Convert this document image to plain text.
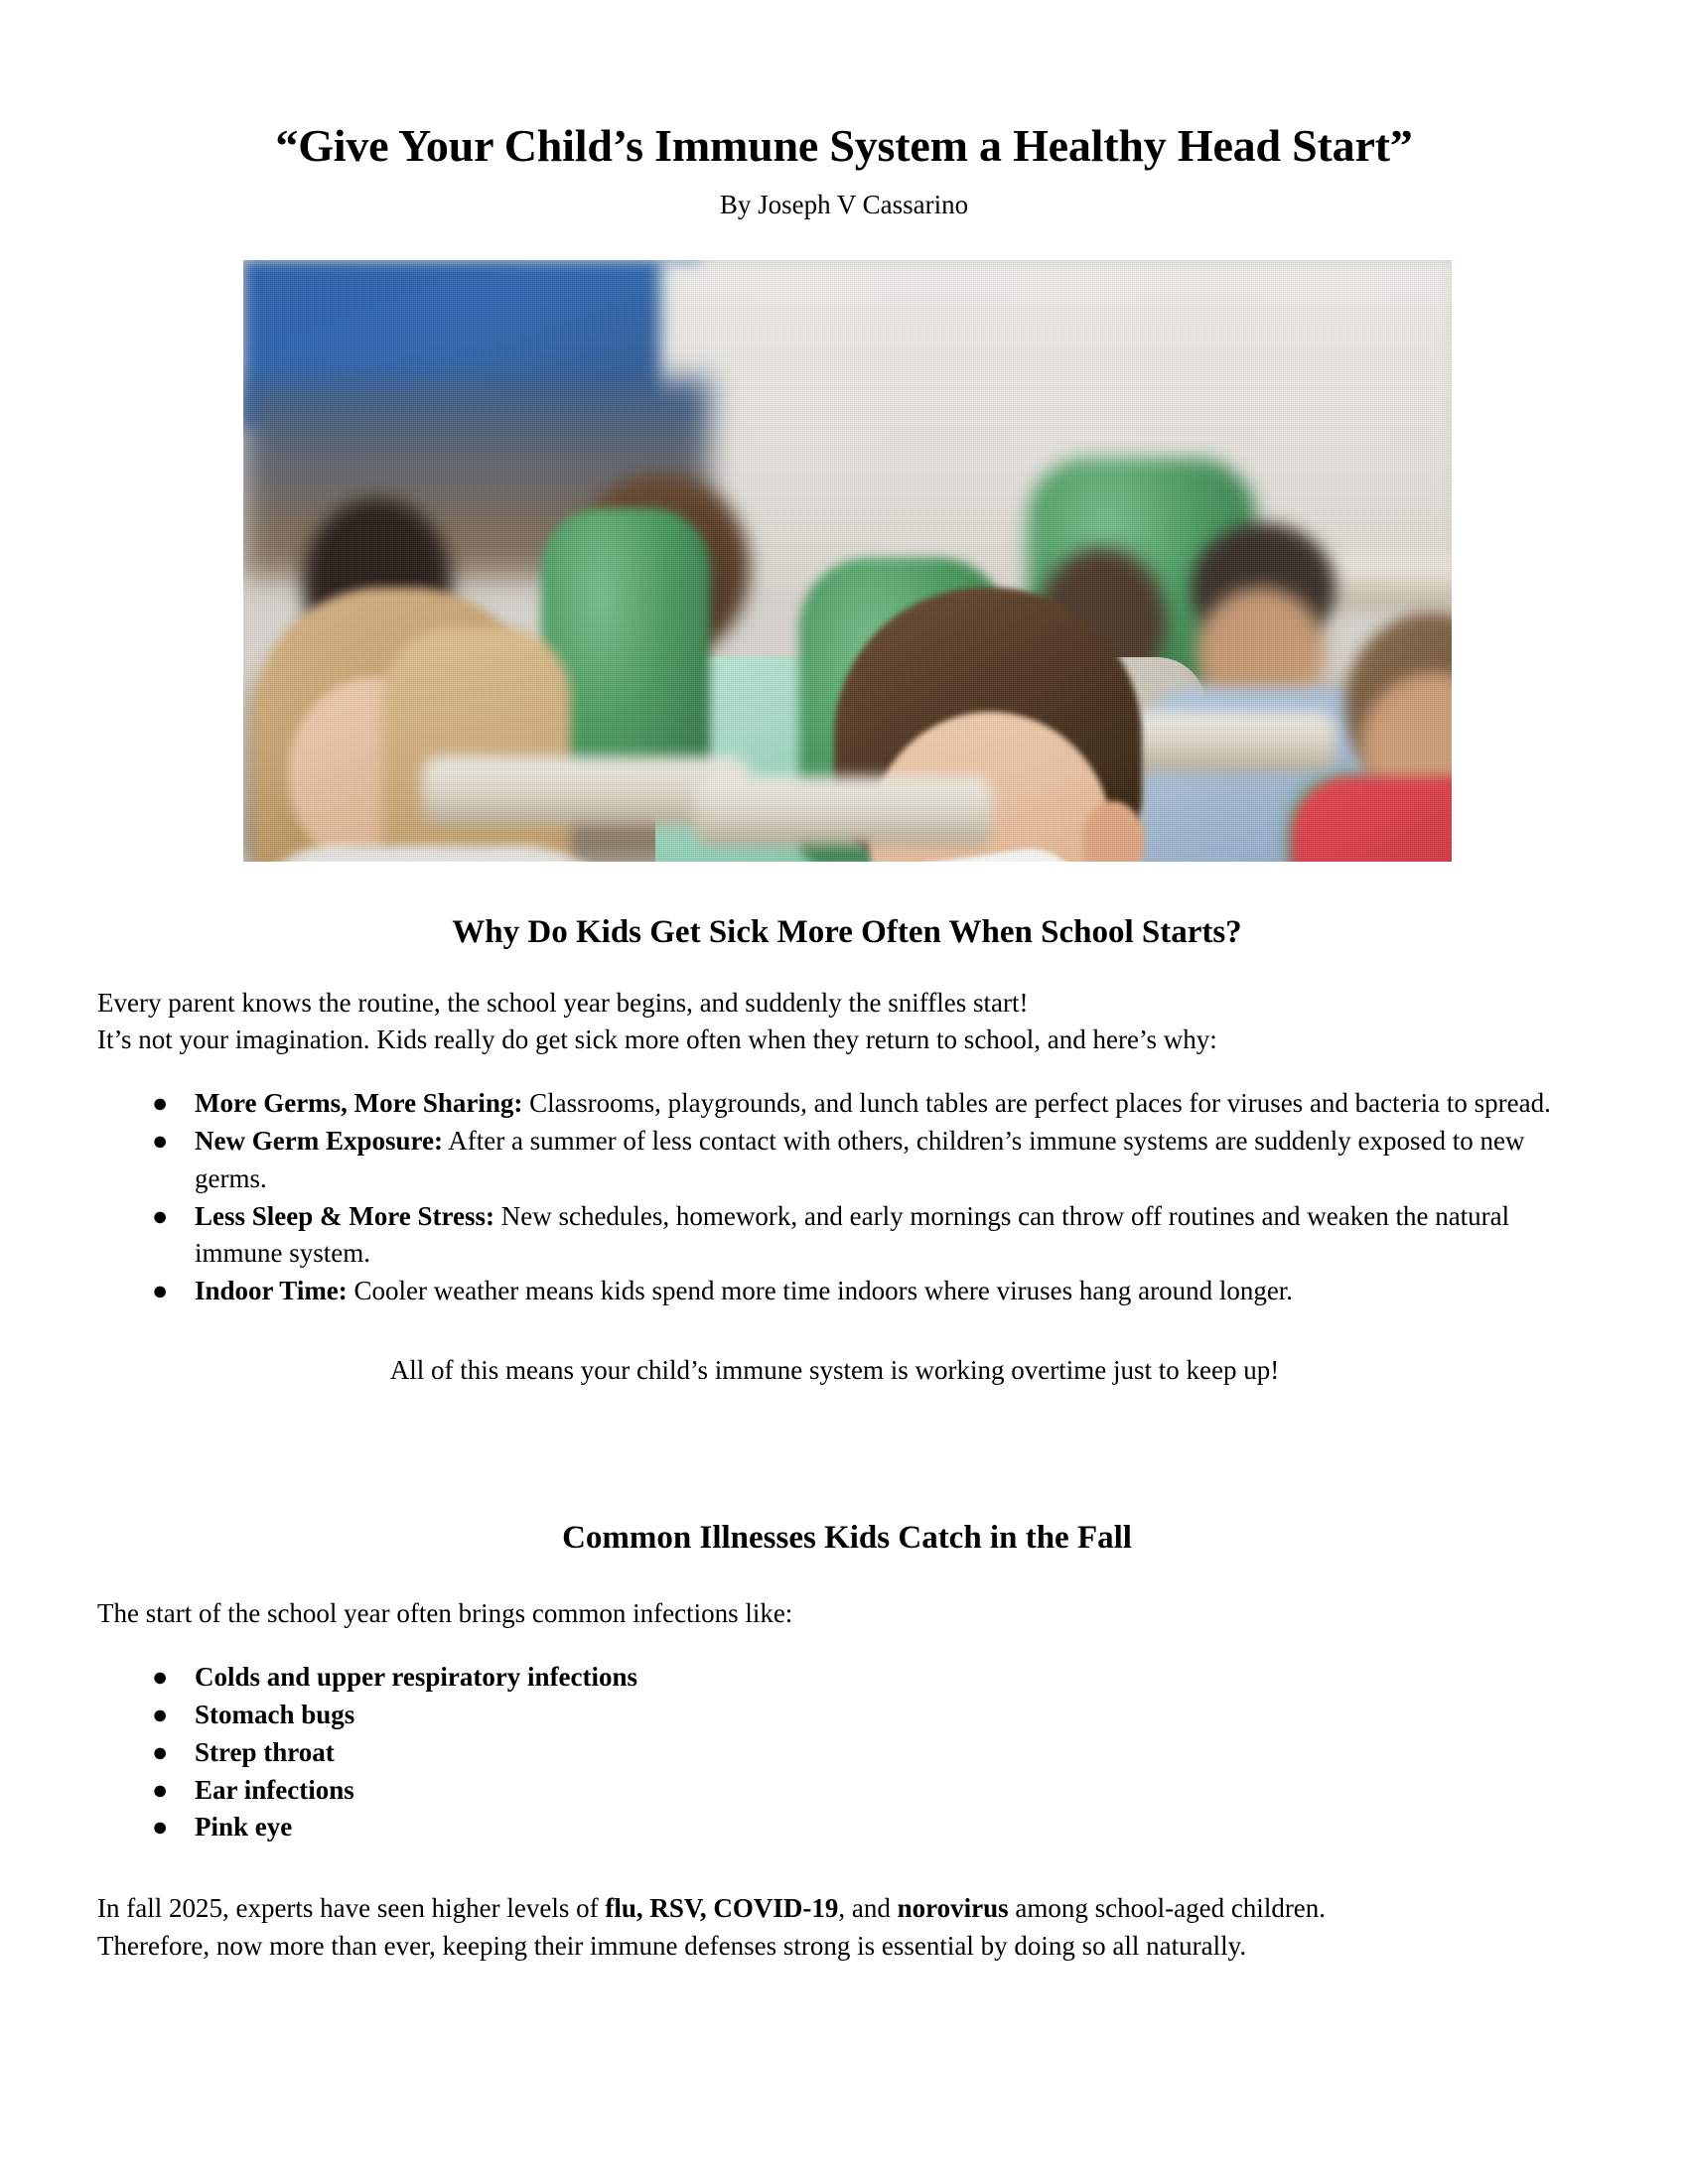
“Give Your Child’s Immune System a Healthy Head Start”
By Joseph V Cassarino
Why Do Kids Get Sick More Often When School Starts?

Every parent knows the routine, the school year begins, and suddenly the sniffles start!

It’s not your imagination. Kids really do get sick more often when they return to school, and here’s why:

● More Germs, More Sharing: Classrooms, playgrounds, and lunch tables are perfect places for viruses and bacteria to spread.
● New Germ Exposure: After a summer of less contact with others, children’s immune systems are suddenly exposed to new germs.
● Less Sleep & More Stress: New schedules, homework, and early mornings can throw off routines and weaken the natural immune system.
● Indoor Time: Cooler weather means kids spend more time indoors where viruses hang around longer.

All of this means your child’s immune system is working overtime just to keep up!

Common Illnesses Kids Catch in the Fall

The start of the school year often brings common infections like:

● Colds and upper respiratory infections
● Stomach bugs
● Strep throat
● Ear infections
● Pink eye

In fall 2025, experts have seen higher levels of flu, RSV, COVID-19, and norovirus among school-aged children.

Therefore, now more than ever, keeping their immune defenses strong is essential by doing so all naturally.
